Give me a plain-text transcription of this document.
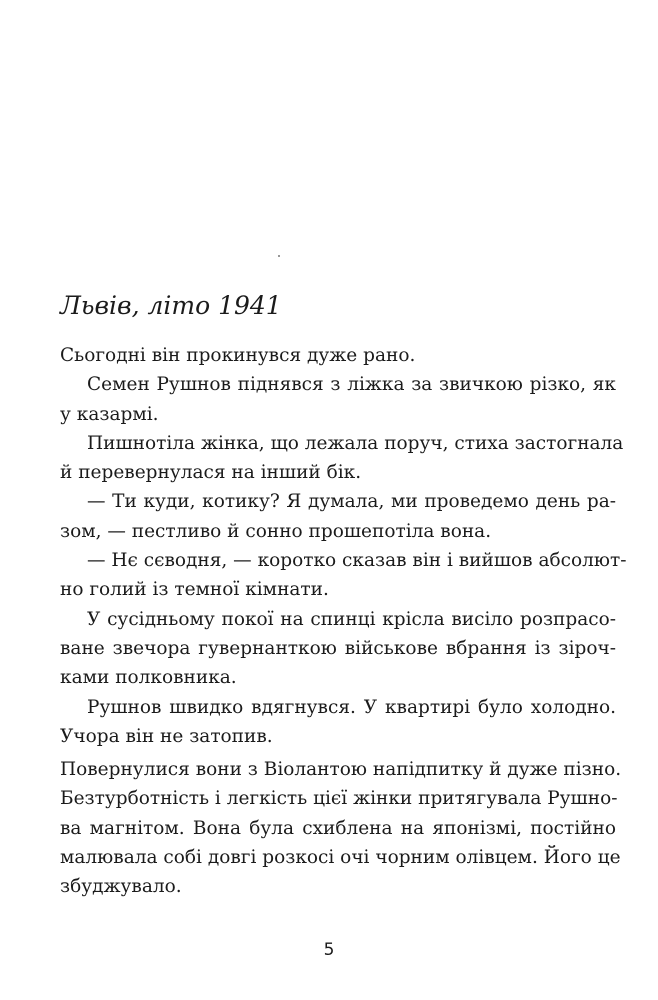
Львів, літо 1941
Сьогодні він прокинувся дуже рано.
Семен Рушнов піднявся з ліжка за звичкою різко, як
у казармі.
Пишнотіла жінка, що лежала поруч, стиха застогнала
й перевернулася на інший бік.
— Ти куди, котику? Я думала, ми проведемо день ра-
зом, — пестливо й сонно прошепотіла вона.
— Нє сєводня, — коротко сказав він і вийшов абсолют-
но голий із темної кімнати.
У сусідньому покої на спинці крісла висіло розпрасо-
ване звечора гувернанткою військове вбрання із зіроч-
ками полковника.
Рушнов швидко вдягнувся. У квартирі було холодно.
Учора він не затопив.
Повернулися вони з Віолантою напідпитку й дуже пізно.
Безтурботність і легкість цієї жінки притягувала Рушно-
ва магнітом. Вона була схиблена на японізмі, постійно
малювала собі довгі розкосі очі чорним олівцем. Його це
збуджувало.
5
